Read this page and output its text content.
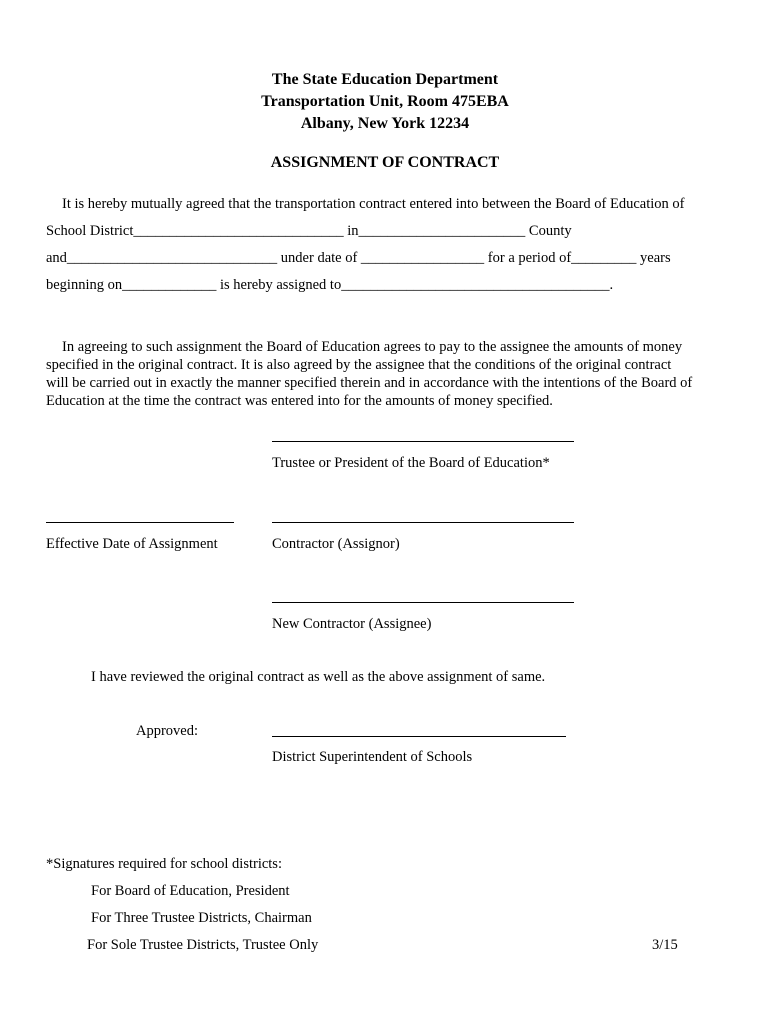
The State Education Department
Transportation Unit, Room 475EBA
Albany, New York 12234
ASSIGNMENT OF CONTRACT
It is hereby mutually agreed that the transportation contract entered into between the Board of Education of
School District_____________________________ in_______________________ County
and_____________________________ under date of _________________ for a period of_________ years
beginning on_____________ is hereby assigned to_____________________________________.
In agreeing to such assignment the Board of Education agrees to pay to the assignee the amounts of money
specified in the original contract. It is also agreed by the assignee that the conditions of the original contract
will be carried out in exactly the manner specified therein and in accordance with the intentions of the Board of
Education at the time the contract was entered into for the amounts of money specified.
Trustee or President of the Board of Education*
Effective Date of Assignment	Contractor (Assignor)
New Contractor (Assignee)
I have reviewed the original contract as well as the above assignment of same.
Approved:
District Superintendent of Schools
*Signatures required for school districts:
For Board of Education, President
For Three Trustee Districts, Chairman
For Sole Trustee Districts, Trustee Only	3/15
